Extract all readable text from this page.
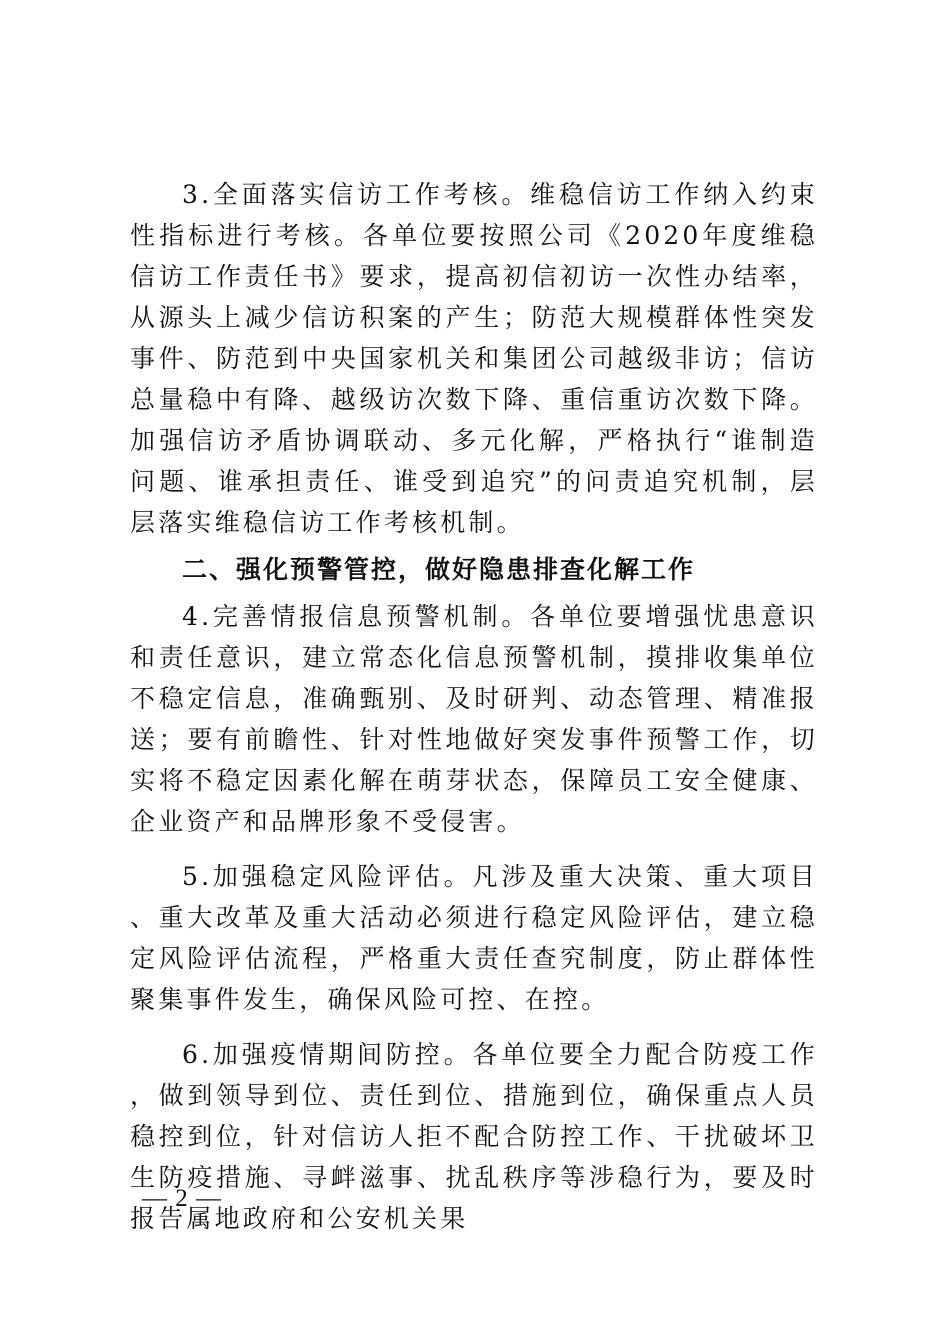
3.全面落实信访工作考核。维稳信访工作纳入约束性指标进行考核。各单位要按照公司《2020年度维稳信访工作责任书》要求，提高初信初访一次性办结率，从源头上减少信访积案的产生；防范大规模群体性突发事件、防范到中央国家机关和集团公司越级非访；信访总量稳中有降、越级访次数下降、重信重访次数下降。加强信访矛盾协调联动、多元化解，严格执行“谁制造问题、谁承担责任、谁受到追究”的问责追究机制，层层落实维稳信访工作考核机制。

二、强化预警管控，做好隐患排查化解工作

4.完善情报信息预警机制。各单位要增强忧患意识和责任意识，建立常态化信息预警机制，摸排收集单位不稳定信息，准确甄别、及时研判、动态管理、精准报送；要有前瞻性、针对性地做好突发事件预警工作，切实将不稳定因素化解在萌芽状态，保障员工安全健康、企业资产和品牌形象不受侵害。

5.加强稳定风险评估。凡涉及重大决策、重大项目、重大改革及重大活动必须进行稳定风险评估，建立稳定风险评估流程，严格重大责任查究制度，防止群体性聚集事件发生，确保风险可控、在控。

6.加强疫情期间防控。各单位要全力配合防疫工作，做到领导到位、责任到位、措施到位，确保重点人员稳控到位，针对信访人拒不配合防控工作、干扰破坏卫生防疫措施、寻衅滋事、扰乱秩序等涉稳行为，要及时报告属地政府和公安机关果

— 2 —
